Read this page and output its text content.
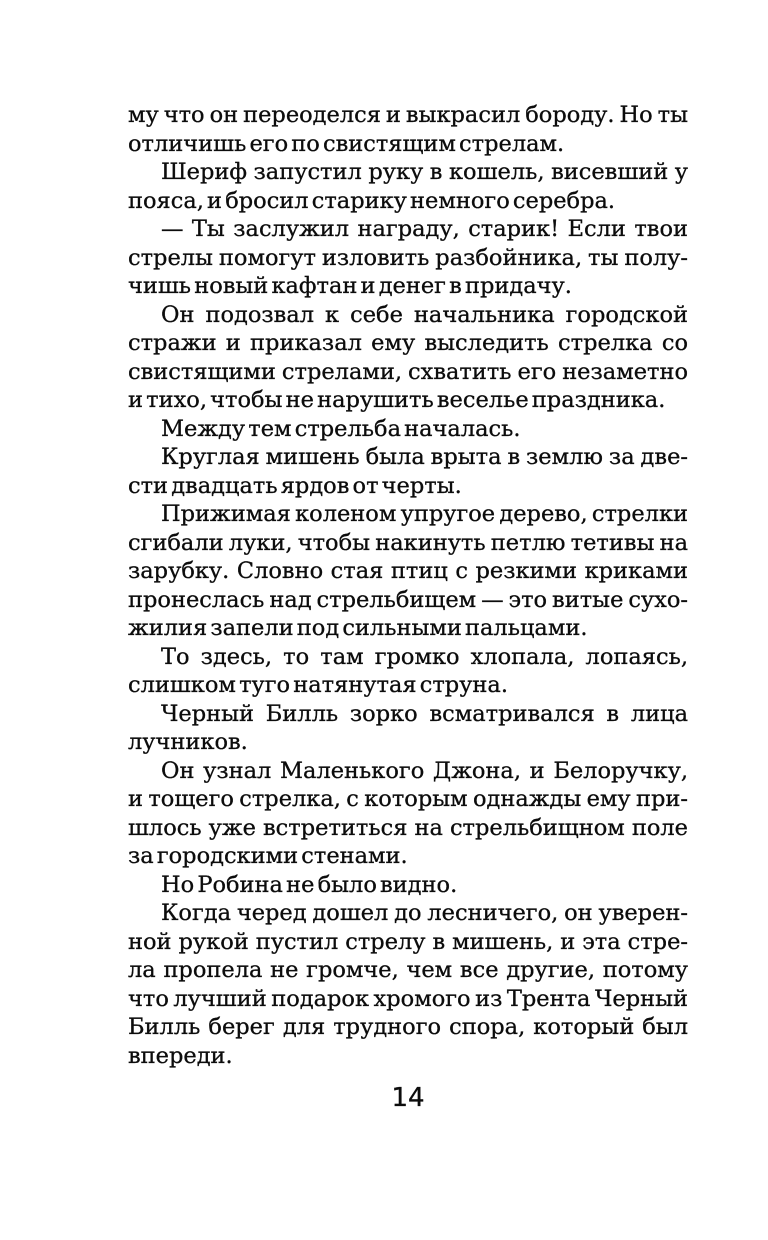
му что он переоделся и выкрасил бороду. Но ты
отличишь его по свистящим стрелам.
Шериф запустил руку в кошель, висевший у
пояса, и бросил старику немного серебра.
— Ты заслужил награду, старик! Если твои
стрелы помогут изловить разбойника, ты полу-
чишь новый кафтан и денег в придачу.
Он подозвал к себе начальника городской
стражи и приказал ему выследить стрелка со
свистящими стрелами, схватить его незаметно
и тихо, чтобы не нарушить веселье праздника.
Между тем стрельба началась.
Круглая мишень была врыта в землю за две-
сти двадцать ярдов от черты.
Прижимая коленом упругое дерево, стрелки
сгибали луки, чтобы накинуть петлю тетивы на
зарубку. Словно стая птиц с резкими криками
пронеслась над стрельбищем — это витые сухо-
жилия запели под сильными пальцами.
То здесь, то там громко хлопала, лопаясь,
слишком туго натянутая струна.
Черный Билль зорко всматривался в лица
лучников.
Он узнал Маленького Джона, и Белоручку,
и тощего стрелка, с которым однажды ему при-
шлось уже встретиться на стрельбищном поле
за городскими стенами.
Но Робина не было видно.
Когда черед дошел до лесничего, он уверен-
ной рукой пустил стрелу в мишень, и эта стре-
ла пропела не громче, чем все другие, потому
что лучший подарок хромого из Трента Черный
Билль берег для трудного спора, который был
впереди.
14
